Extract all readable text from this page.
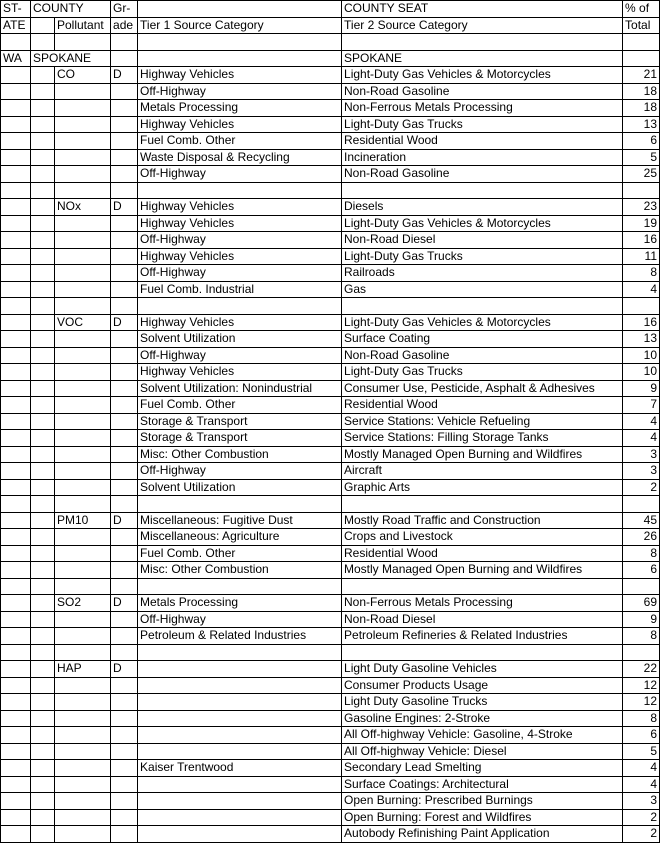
ST-	COUNTY		Gr-		COUNTY SEAT	% of
ATE		Pollutant	ade	Tier 1 Source Category	Tier 2 Source Category	Total

WA	SPOKANE				SPOKANE	
		CO	D	Highway Vehicles	Light-Duty Gas Vehicles & Motorcycles	21
				Off-Highway	Non-Road Gasoline	18
				Metals Processing	Non-Ferrous Metals Processing	18
				Highway Vehicles	Light-Duty Gas Trucks	13
				Fuel Comb. Other	Residential Wood	6
				Waste Disposal & Recycling	Incineration	5
				Off-Highway	Non-Road Gasoline	25

		NOx	D	Highway Vehicles	Diesels	23
				Highway Vehicles	Light-Duty Gas Vehicles & Motorcycles	19
				Off-Highway	Non-Road Diesel	16
				Highway Vehicles	Light-Duty Gas Trucks	11
				Off-Highway	Railroads	8
				Fuel Comb. Industrial	Gas	4

		VOC	D	Highway Vehicles	Light-Duty Gas Vehicles & Motorcycles	16
				Solvent Utilization	Surface Coating	13
				Off-Highway	Non-Road Gasoline	10
				Highway Vehicles	Light-Duty Gas Trucks	10
				Solvent Utilization: Nonindustrial	Consumer Use, Pesticide, Asphalt & Adhesives	9
				Fuel Comb. Other	Residential Wood	7
				Storage & Transport	Service Stations: Vehicle Refueling	4
				Storage & Transport	Service Stations: Filling Storage Tanks	4
				Misc: Other Combustion	Mostly Managed Open Burning and Wildfires	3
				Off-Highway	Aircraft	3
				Solvent Utilization	Graphic Arts	2

		PM10	D	Miscellaneous: Fugitive Dust	Mostly Road Traffic and Construction	45
				Miscellaneous: Agriculture	Crops and Livestock	26
				Fuel Comb. Other	Residential Wood	8
				Misc: Other Combustion	Mostly Managed Open Burning and Wildfires	6

		SO2	D	Metals Processing	Non-Ferrous Metals Processing	69
				Off-Highway	Non-Road Diesel	9
				Petroleum & Related Industries	Petroleum Refineries & Related Industries	8

		HAP	D		Light Duty Gasoline Vehicles	22
					Consumer Products Usage	12
					Light Duty Gasoline Trucks	12
					Gasoline Engines: 2-Stroke	8
					All Off-highway Vehicle: Gasoline, 4-Stroke	6
					All Off-highway Vehicle: Diesel	5
				Kaiser Trentwood	Secondary Lead Smelting	4
					Surface Coatings: Architectural	4
					Open Burning: Prescribed Burnings	3
					Open Burning: Forest and Wildfires	2
					Autobody Refinishing Paint Application	2
